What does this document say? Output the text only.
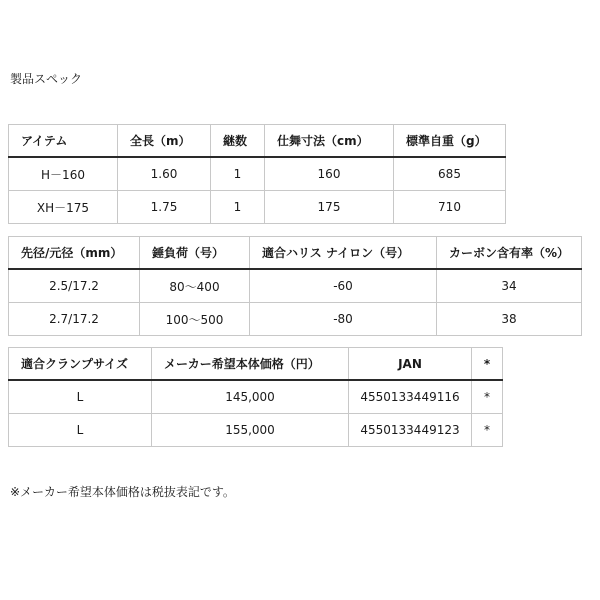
製品スペック
アイテム	全長（m）	継数	仕舞寸法（cm）	標準自重（g）
H－160	1.60	1	160	685
XH－175	1.75	1	175	710
先径/元径（mm）	錘負荷（号）	適合ハリス ナイロン（号）	カーボン含有率（%）
2.5/17.2	80〜400	-60	34
2.7/17.2	100〜500	-80	38
適合クランプサイズ	メーカー希望本体価格（円）	JAN	*
L	145,000	4550133449116	*
L	155,000	4550133449123	*
※メーカー希望本体価格は税抜表記です。
